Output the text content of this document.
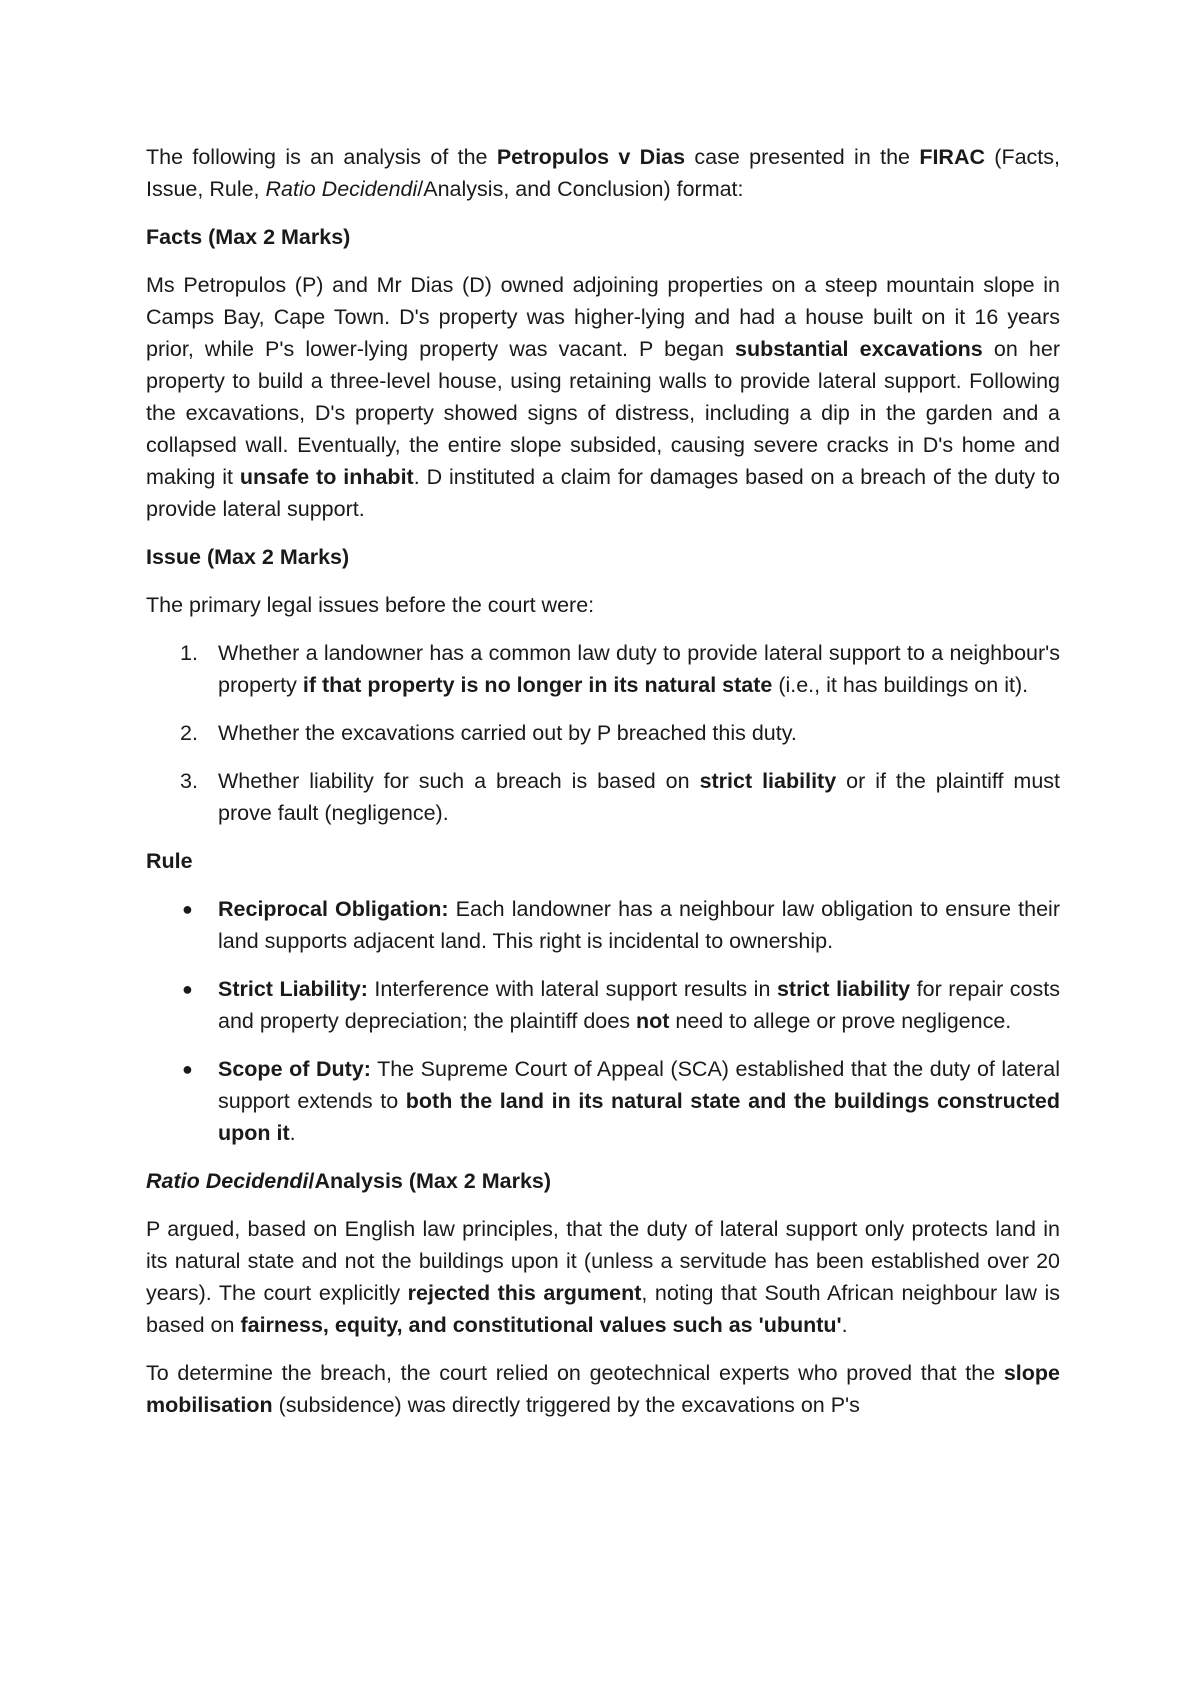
The following is an analysis of the Petropulos v Dias case presented in the FIRAC (Facts, Issue, Rule, Ratio Decidendi/Analysis, and Conclusion) format:

Facts (Max 2 Marks)

Ms Petropulos (P) and Mr Dias (D) owned adjoining properties on a steep mountain slope in Camps Bay, Cape Town. D's property was higher-lying and had a house built on it 16 years prior, while P's lower-lying property was vacant. P began substantial excavations on her property to build a three-level house, using retaining walls to provide lateral support. Following the excavations, D's property showed signs of distress, including a dip in the garden and a collapsed wall. Eventually, the entire slope subsided, causing severe cracks in D's home and making it unsafe to inhabit. D instituted a claim for damages based on a breach of the duty to provide lateral support.

Issue (Max 2 Marks)

The primary legal issues before the court were:

1. Whether a landowner has a common law duty to provide lateral support to a neighbour's property if that property is no longer in its natural state (i.e., it has buildings on it).
2. Whether the excavations carried out by P breached this duty.
3. Whether liability for such a breach is based on strict liability or if the plaintiff must prove fault (negligence).
Rule
● Reciprocal Obligation: Each landowner has a neighbour law obligation to ensure their land supports adjacent land. This right is incidental to ownership.
● Strict Liability: Interference with lateral support results in strict liability for repair costs and property depreciation; the plaintiff does not need to allege or prove negligence.
● Scope of Duty: The Supreme Court of Appeal (SCA) established that the duty of lateral support extends to both the land in its natural state and the buildings constructed upon it.
Ratio Decidendi/Analysis (Max 2 Marks)

P argued, based on English law principles, that the duty of lateral support only protects land in its natural state and not the buildings upon it (unless a servitude has been established over 20 years). The court explicitly rejected this argument, noting that South African neighbour law is based on fairness, equity, and constitutional values such as 'ubuntu'.

To determine the breach, the court relied on geotechnical experts who proved that the slope mobilisation (subsidence) was directly triggered by the excavations on P's
